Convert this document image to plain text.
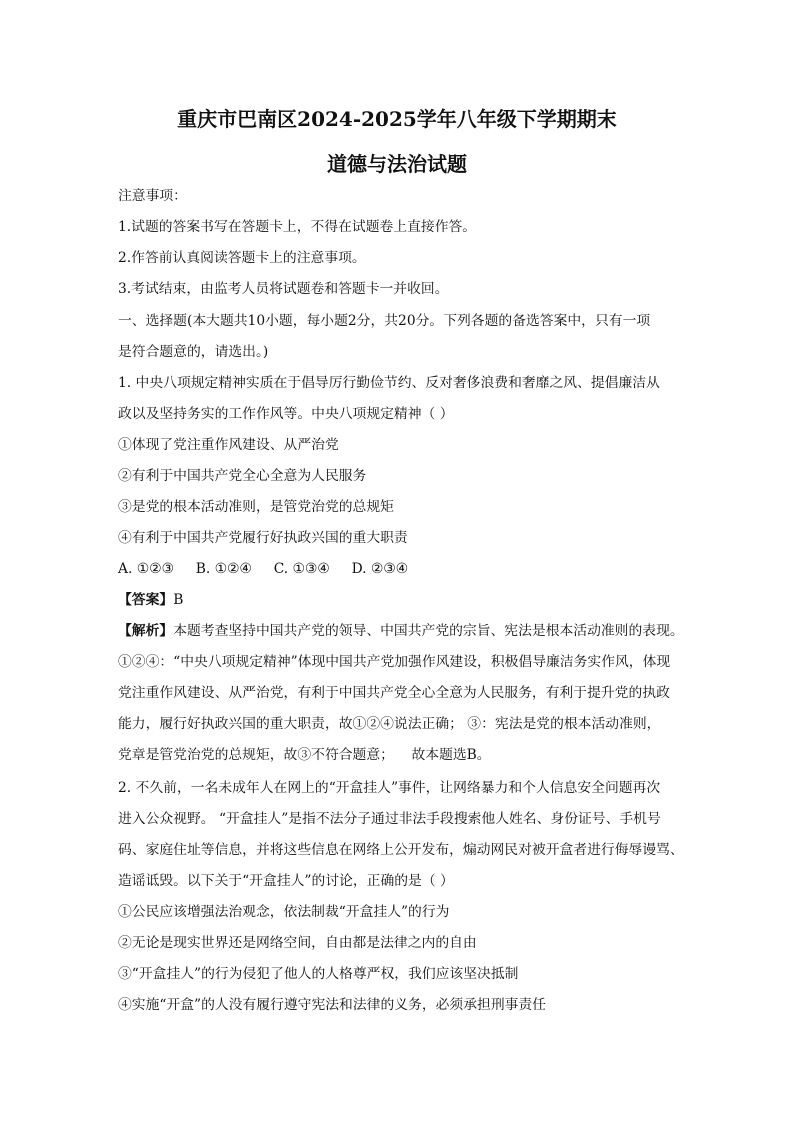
重庆市巴南区2024-2025学年八年级下学期期末
道德与法治试题
注意事项：
1.试题的答案书写在答题卡上，不得在试题卷上直接作答。
2.作答前认真阅读答题卡上的注意事项。
3.考试结束，由监考人员将试题卷和答题卡一并收回。
一、选择题(本大题共10小题，每小题2分，共20分。下列各题的备选答案中，只有一项
是符合题意的，请选出。)
1. 中央八项规定精神实质在于倡导厉行勤俭节约、反对奢侈浪费和奢靡之风、提倡廉洁从
政以及坚持务实的工作作风等。中央八项规定精神（ ）
①体现了党注重作风建设、从严治党
②有利于中国共产党全心全意为人民服务
③是党的根本活动准则，是管党治党的总规矩
④有利于中国共产党履行好执政兴国的重大职责
A. ①②③     B. ①②④     C. ①③④     D. ②③④
【答案】B
【解析】本题考查坚持中国共产党的领导、中国共产党的宗旨、宪法是根本活动准则的表现。
①②④：“中央八项规定精神”体现中国共产党加强作风建设，积极倡导廉洁务实作风，体现
党注重作风建设、从严治党，有利于中国共产党全心全意为人民服务，有利于提升党的执政
能力，履行好执政兴国的重大职责，故①②④说法正确； ③：宪法是党的根本活动准则，
党章是管党治党的总规矩，故③不符合题意；    故本题选B。
2. 不久前，一名未成年人在网上的“开盒挂人”事件，让网络暴力和个人信息安全问题再次
进入公众视野。 “开盒挂人”是指不法分子通过非法手段搜索他人姓名、身份证号、手机号
码、家庭住址等信息，并将这些信息在网络上公开发布，煽动网民对被开盒者进行侮辱谩骂、
造谣诋毁。以下关于“开盒挂人”的讨论，正确的是（ ）
①公民应该增强法治观念，依法制裁“开盒挂人”的行为
②无论是现实世界还是网络空间，自由都是法律之内的自由
③“开盒挂人”的行为侵犯了他人的人格尊严权，我们应该坚决抵制
④实施“开盒”的人没有履行遵守宪法和法律的义务，必须承担刑事责任
